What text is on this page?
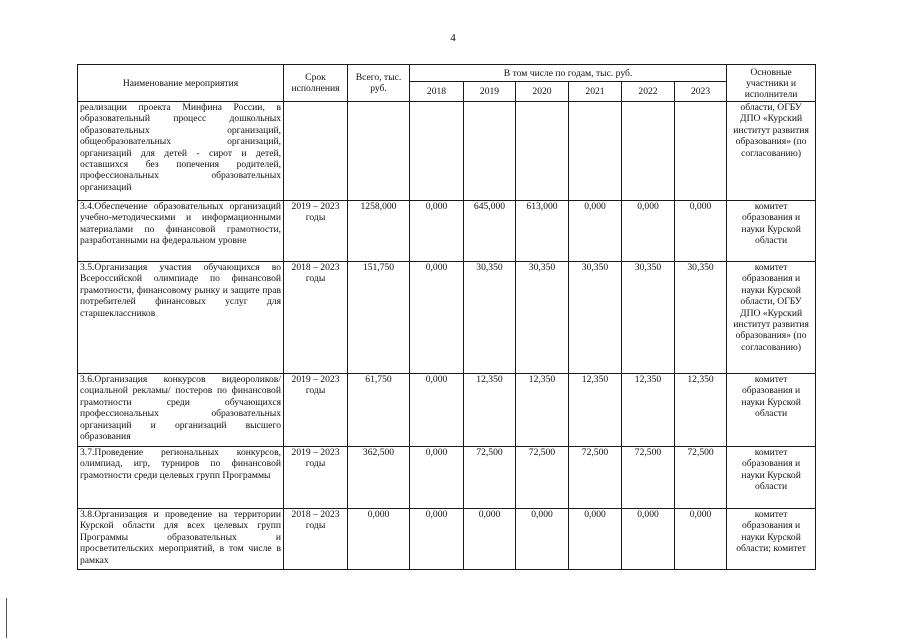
4
Наименование мероприятия	Срок исполнения	Всего, тыс. руб.	В том числе по годам, тыс. руб.						Основные участники и исполнители
			2018	2019	2020	2021	2022	2023	
реализации проекта Минфина России, в образовательный процесс дошкольных образовательных организаций, общеобразовательных организаций, организаций для детей - сирот и детей, оставшихся без попечения родителей, профессиональных образовательных организаций									области, ОГБУ ДПО «Курский институт развития образования» (по согласованию)
3.4.Обеспечение образовательных организаций учебно-методическими и информационными материалами по финансовой грамотности, разработанными на федеральном уровне	2019 – 2023 годы	1258,000	0,000	645,000	613,000	0,000	0,000	0,000	комитет образования и науки Курской области
3.5.Организация участия обучающихся во Всероссийской олимпиаде по финансовой грамотности, финансовому рынку и защите прав потребителей финансовых услуг для старшеклассников	2018 – 2023 годы	151,750	0,000	30,350	30,350	30,350	30,350	30,350	комитет образования и науки Курской области, ОГБУ ДПО «Курский институт развития образования» (по согласованию)
3.6.Организация конкурсов видеороликов/социальной рекламы/ постеров по финансовой грамотности среди обучающихся профессиональных образовательных организаций и организаций высшего образования	2019 – 2023 годы	61,750	0,000	12,350	12,350	12,350	12,350	12,350	комитет образования и науки Курской области
3.7.Проведение региональных конкурсов, олимпиад, игр, турниров по финансовой грамотности среди целевых групп Программы	2019 – 2023 годы	362,500	0,000	72,500	72,500	72,500	72,500	72,500	комитет образования и науки Курской области
3.8.Организация и проведение на территории Курской области для всех целевых групп Программы образовательных и просветительских мероприятий, в том числе в рамках	2018 – 2023 годы	0,000	0,000	0,000	0,000	0,000	0,000	0,000	комитет образования и науки Курской области; комитет
